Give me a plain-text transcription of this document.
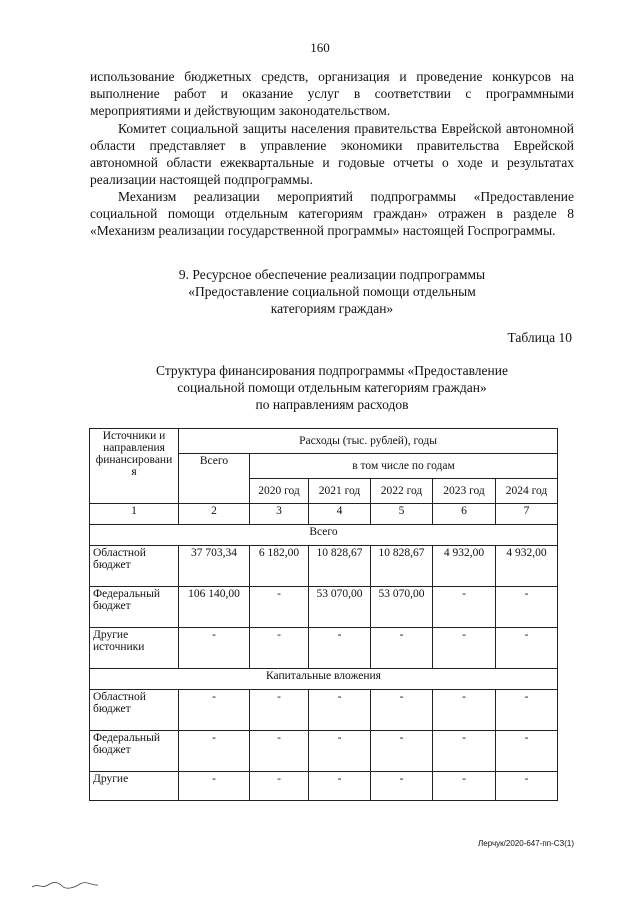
160
использование бюджетных средств, организация и проведение конкурсов на выполнение работ и оказание услуг в соответствии с программными мероприятиями и действующим законодательством.
Комитет социальной защиты населения правительства Еврейской автономной области представляет в управление экономики правительства Еврейской автономной области ежеквартальные и годовые отчеты о ходе и результатах реализации настоящей подпрограммы.
Механизм реализации мероприятий подпрограммы «Предоставление социальной помощи отдельным категориям граждан» отражен в разделе 8 «Механизм реализации государственной программы» настоящей Госпрограммы.
9. Ресурсное обеспечение реализации подпрограммы
«Предоставление социальной помощи отдельным
категориям граждан»
Таблица 10
Структура финансирования подпрограммы «Предоставление
социальной помощи отдельным категориям граждан»
по направлениям расходов
Источники и направления финансировани я	Расходы (тыс. рублей), годы					
	Всего	в том числе по годам				
		2020 год	2021 год	2022 год	2023 год	2024 год
1	2	3	4	5	6	7
Всего						
Областной бюджет	37 703,34	6 182,00	10 828,67	10 828,67	4 932,00	4 932,00
Федеральный бюджет	106 140,00	-	53 070,00	53 070,00	-	-
Другие источники	-	-	-	-	-	-
Капитальные вложения						
Областной бюджет	-	-	-	-	-	-
Федеральный бюджет	-	-	-	-	-	-
Другие	-	-	-	-	-	-
Лерчук/2020-647-пп-СЗ(1)
